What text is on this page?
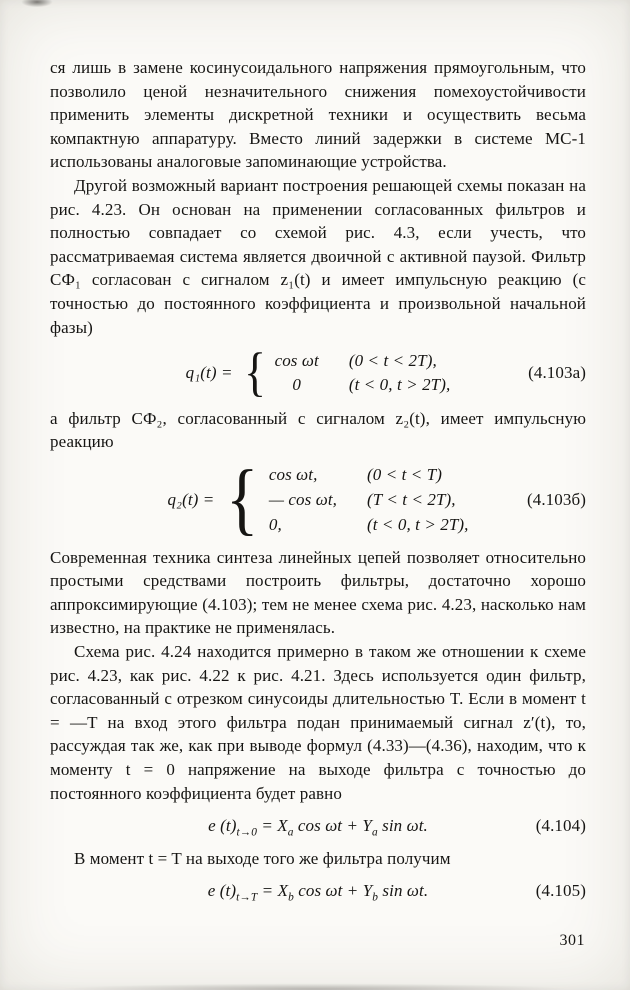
ся лишь в замене косинусоидального напряжения прямоугольным, что позволило ценой незначительного снижения помехоустойчивости применить элементы дискретной техники и осуществить весьма компактную аппаратуру. Вместо линий задержки в системе МС-1 использованы аналоговые запоминающие устройства.

Другой возможный вариант построения решающей схемы показан на рис. 4.23. Он основан на применении согласованных фильтров и полностью совпадает со схемой рис. 4.3, если учесть, что рассматриваемая система является двоичной с активной паузой. Фильтр СФ₁ согласован с сигналом z₁(t) и имеет импульсную реакцию (с точностью до постоянного коэффициента и произвольной начальной фазы)

q₁(t) = { cos ωt (0 < t < 2T),
0	(t < 0, t > 2T),
(4.103a)

а фильтр СФ₂, согласованный с сигналом z₂(t), имеет импульсную реакцию

q₂(t) = { cos ωt,	(0 < t < T)
— cos ωt, (T < t < 2T),
0,	(t < 0, t > 2T),
(4.103б)

Современная техника синтеза линейных цепей позволяет относительно простыми средствами построить фильтры, достаточно хорошо аппроксимирующие (4.103); тем не менее схема рис. 4.23, насколько нам известно, на практике не применялась.

Схема рис. 4.24 находится примерно в таком же отношении к схеме рис. 4.23, как рис. 4.22 к рис. 4.21. Здесь используется один фильтр, согласованный с отрезком синусоиды длительностью T. Если в момент t = —T на вход этого фильтра подан принимаемый сигнал z′(t), то, рассуждая так же, как при выводе формул (4.33)—(4.36), находим, что к моменту t = 0 напряжение на выходе фильтра с точностью до постоянного коэффициента будет равно

e $(t)_{t\to 0} = X_a$ $\cos \omega t + Y_a$ sin ωt.	(4.104)

В момент t = T на выходе того же фильтра получим

e $(t)_{t\to T} = X_b$ $\cos \omega t + Y_b$ sin ωt.	(4.105)
301
